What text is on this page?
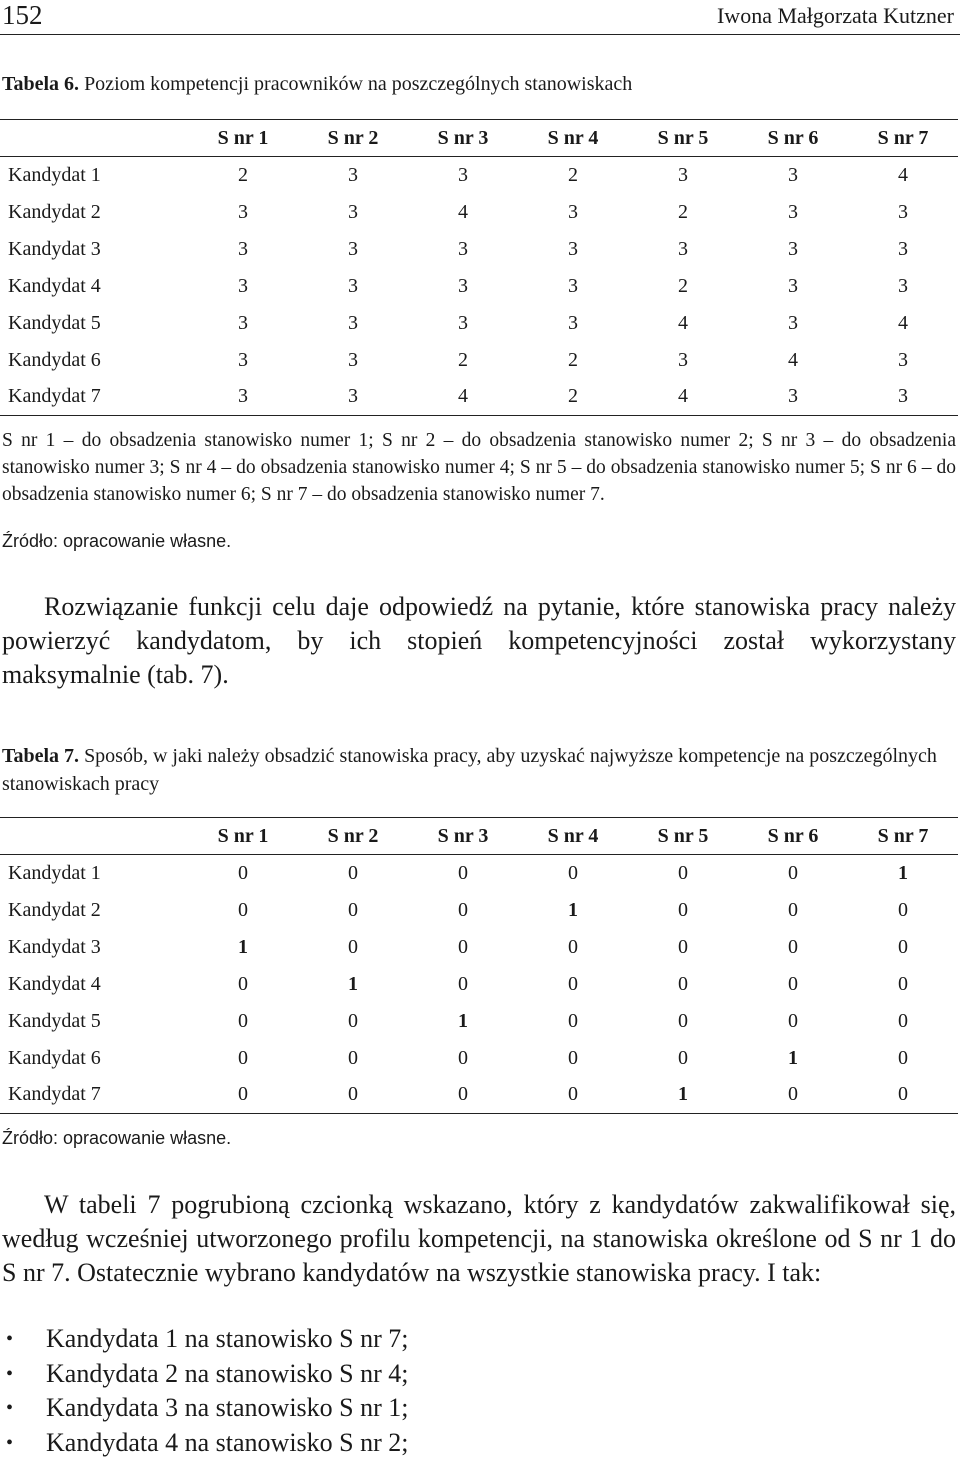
152	Iwona Małgorzata Kutzner
Tabela 6. Poziom kompetencji pracowników na poszczególnych stanowiskach
	S nr 1	S nr 2	S nr 3	S nr 4	S nr 5	S nr 6	S nr 7
Kandydat 1	2	3	3	2	3	3	4
Kandydat 2	3	3	4	3	2	3	3
Kandydat 3	3	3	3	3	3	3	3
Kandydat 4	3	3	3	3	2	3	3
Kandydat 5	3	3	3	3	4	3	4
Kandydat 6	3	3	2	2	3	4	3
Kandydat 7	3	3	4	2	4	3	3
S nr 1 – do obsadzenia stanowisko numer 1; S nr 2 – do obsadzenia stanowisko numer 2; S nr 3 – do obsadzenia stanowisko numer 3; S nr 4 – do obsadzenia stanowisko numer 4; S nr 5 – do obsadzenia stanowisko numer 5; S nr 6 – do obsadzenia stanowisko numer 6; S nr 7 – do obsadzenia stanowisko numer 7.
Źródło: opracowanie własne.
Rozwiązanie funkcji celu daje odpowiedź na pytanie, które stanowiska pracy należy powierzyć kandydatom, by ich stopień kompetencyjności został wykorzystany maksymalnie (tab. 7).
Tabela 7. Sposób, w jaki należy obsadzić stanowiska pracy, aby uzyskać najwyższe kompetencje na poszczególnych stanowiskach pracy
	S nr 1	S nr 2	S nr 3	S nr 4	S nr 5	S nr 6	S nr 7
Kandydat 1	0	0	0	0	0	0	1
Kandydat 2	0	0	0	1	0	0	0
Kandydat 3	1	0	0	0	0	0	0
Kandydat 4	0	1	0	0	0	0	0
Kandydat 5	0	0	1	0	0	0	0
Kandydat 6	0	0	0	0	0	1	0
Kandydat 7	0	0	0	0	1	0	0
Źródło: opracowanie własne.
W tabeli 7 pogrubioną czcionką wskazano, który z kandydatów zakwalifikował się, według wcześniej utworzonego profilu kompetencji, na stanowiska określone od S nr 1 do S nr 7. Ostatecznie wybrano kandydatów na wszystkie stanowiska pracy. I tak:
• Kandydata 1 na stanowisko S nr 7;
• Kandydata 2 na stanowisko S nr 4;
• Kandydata 3 na stanowisko S nr 1;
• Kandydata 4 na stanowisko S nr 2;
